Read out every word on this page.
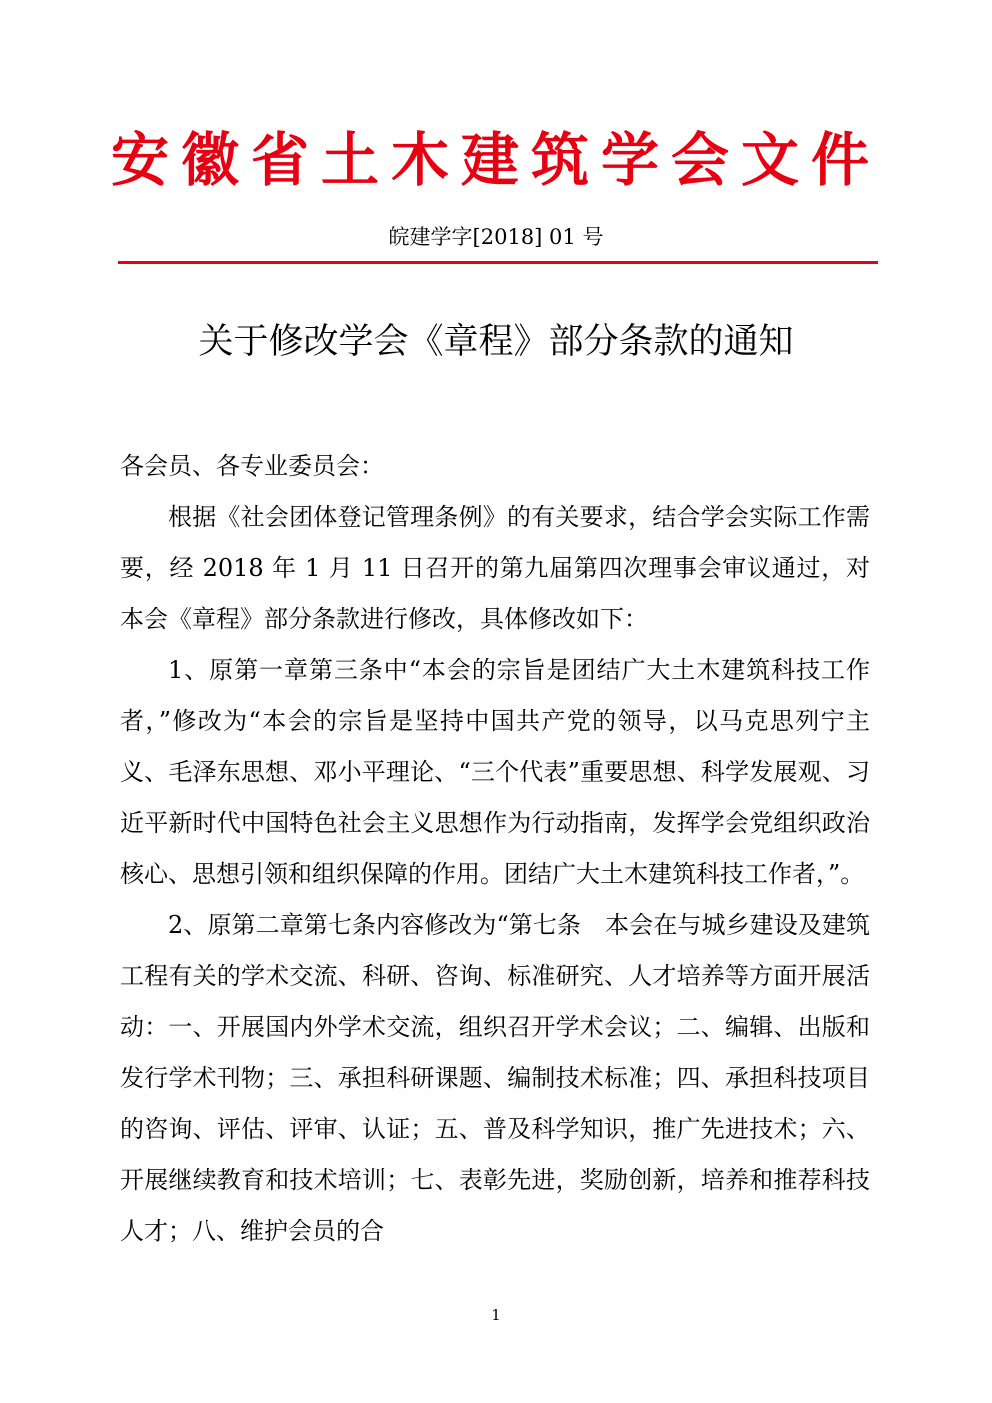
安徽省土木建筑学会文件
皖建学字[2018] 01 号
关于修改学会《章程》部分条款的通知

各会员、各专业委员会：

根据《社会团体登记管理条例》的有关要求，结合学会实际工作需要，经 2018 年 1 月 11 日召开的第九届第四次理事会审议通过，对本会《章程》部分条款进行修改，具体修改如下：

1、原第一章第三条中“本会的宗旨是团结广大土木建筑科技工作者，”修改为“本会的宗旨是坚持中国共产党的领导，以马克思列宁主义、毛泽东思想、邓小平理论、“三个代表”重要思想、科学发展观、习近平新时代中国特色社会主义思想作为行动指南，发挥学会党组织政治核心、思想引领和组织保障的作用。团结广大土木建筑科技工作者，”。

2、原第二章第七条内容修改为“第七条　本会在与城乡建设及建筑工程有关的学术交流、科研、咨询、标准研究、人才培养等方面开展活动：一、开展国内外学术交流，组织召开学术会议；二、编辑、出版和发行学术刊物；三、承担科研课题、编制技术标准；四、承担科技项目的咨询、评估、评审、认证；五、普及科学知识，推广先进技术；六、开展继续教育和技术培训；七、表彰先进，奖励创新，培养和推荐科技人才；八、维护会员的合

1
